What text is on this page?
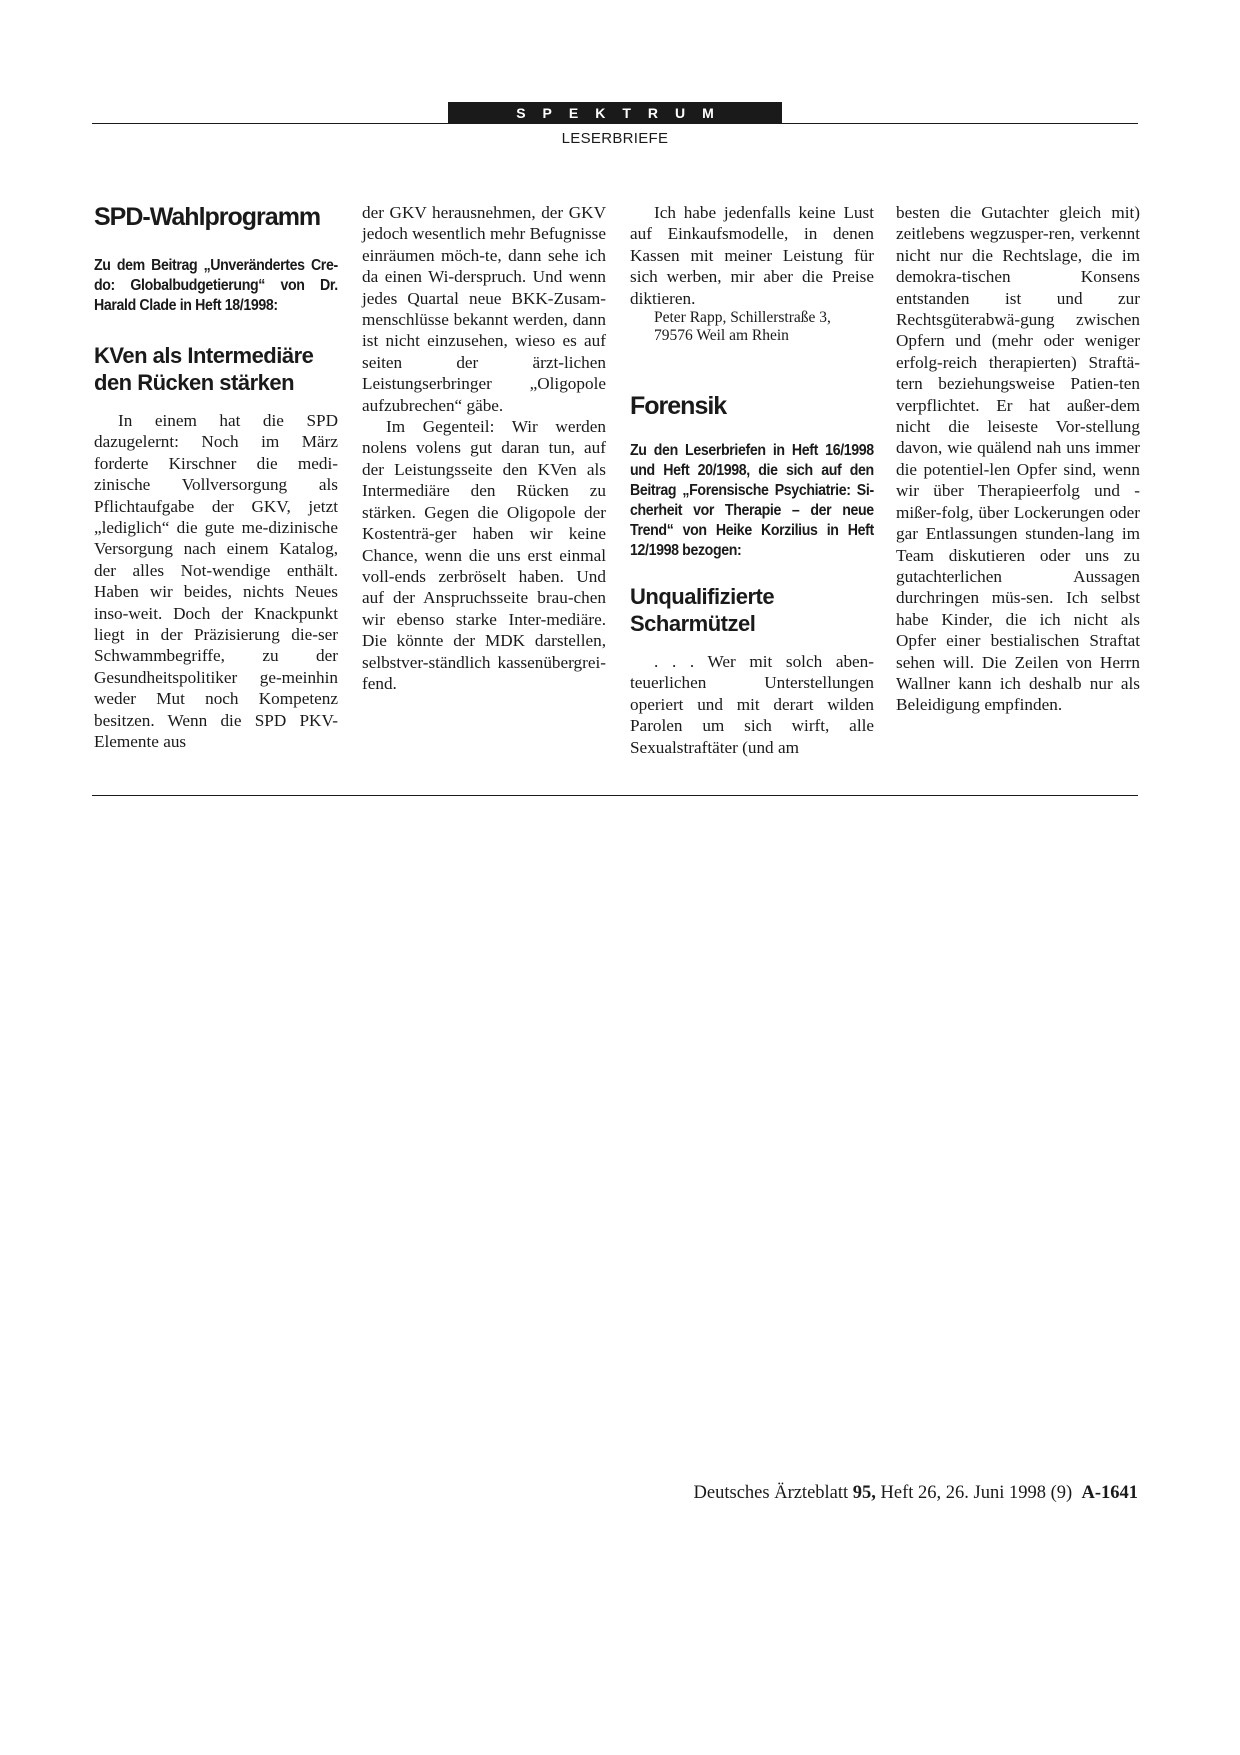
SPEKTRUM
LESERBRIEFE
SPD-Wahlprogramm
Zu dem Beitrag „Unverändertes Cre-do: Globalbudgetierung“ von Dr. Harald Clade in Heft 18/1998:
KVen als Intermediäre den Rücken stärken
In einem hat die SPD dazugelernt: Noch im März forderte Kirschner die medi-zinische Vollversorgung als Pflichtaufgabe der GKV, jetzt „lediglich“ die gute me-dizinische Versorgung nach einem Katalog, der alles Not-wendige enthält. Haben wir beides, nichts Neues inso-weit. Doch der Knackpunkt liegt in der Präzisierung die-ser Schwammbegriffe, zu der Gesundheitspolitiker ge-meinhin weder Mut noch Kompetenz besitzen. Wenn die SPD PKV-Elemente aus
der GKV herausnehmen, der GKV jedoch wesentlich mehr Befugnisse einräumen möch-te, dann sehe ich da einen Wi-derspruch. Und wenn jedes Quartal neue BKK-Zusam-menschlüsse bekannt werden, dann ist nicht einzusehen, wieso es auf seiten der ärzt-lichen Leistungserbringer „Oligopole aufzubrechen“ gäbe.
Im Gegenteil: Wir werden nolens volens gut daran tun, auf der Leistungsseite den KVen als Intermediäre den Rücken zu stärken. Gegen die Oligopole der Kostenträ-ger haben wir keine Chance, wenn die uns erst einmal voll-ends zerbröselt haben. Und auf der Anspruchsseite brau-chen wir ebenso starke Inter-mediäre. Die könnte der MDK darstellen, selbstver-ständlich kassenübergrei-fend.
Ich habe jedenfalls keine Lust auf Einkaufsmodelle, in denen Kassen mit meiner Leistung für sich werben, mir aber die Preise diktieren.
Peter Rapp, Schillerstraße 3,
79576 Weil am Rhein
Forensik
Zu den Leserbriefen in Heft 16/1998 und Heft 20/1998, die sich auf den Beitrag „Forensische Psychiatrie: Si-cherheit vor Therapie – der neue Trend“ von Heike Korzilius in Heft 12/1998 bezogen:
Unqualifizierte Scharmützel
. . . Wer mit solch aben-teuerlichen Unterstellungen operiert und mit derart wilden Parolen um sich wirft, alle Sexualstraftäter (und am
besten die Gutachter gleich mit) zeitlebens wegzusper-ren, verkennt nicht nur die Rechtslage, die im demokra-tischen Konsens entstanden ist und zur Rechtsgüterabwä-gung zwischen Opfern und (mehr oder weniger erfolg-reich therapierten) Straftä-tern beziehungsweise Patien-ten verpflichtet. Er hat außer-dem nicht die leiseste Vor-stellung davon, wie quälend nah uns immer die potentiel-len Opfer sind, wenn wir über Therapieerfolg und -mißer-folg, über Lockerungen oder gar Entlassungen stunden-lang im Team diskutieren oder uns zu gutachterlichen Aussagen durchringen müs-sen. Ich selbst habe Kinder, die ich nicht als Opfer einer bestialischen Straftat sehen will. Die Zeilen von Herrn Wallner kann ich deshalb nur als Beleidigung empfinden.
Deutsches Ärzteblatt 95, Heft 26, 26. Juni 1998 (9) A-1641
